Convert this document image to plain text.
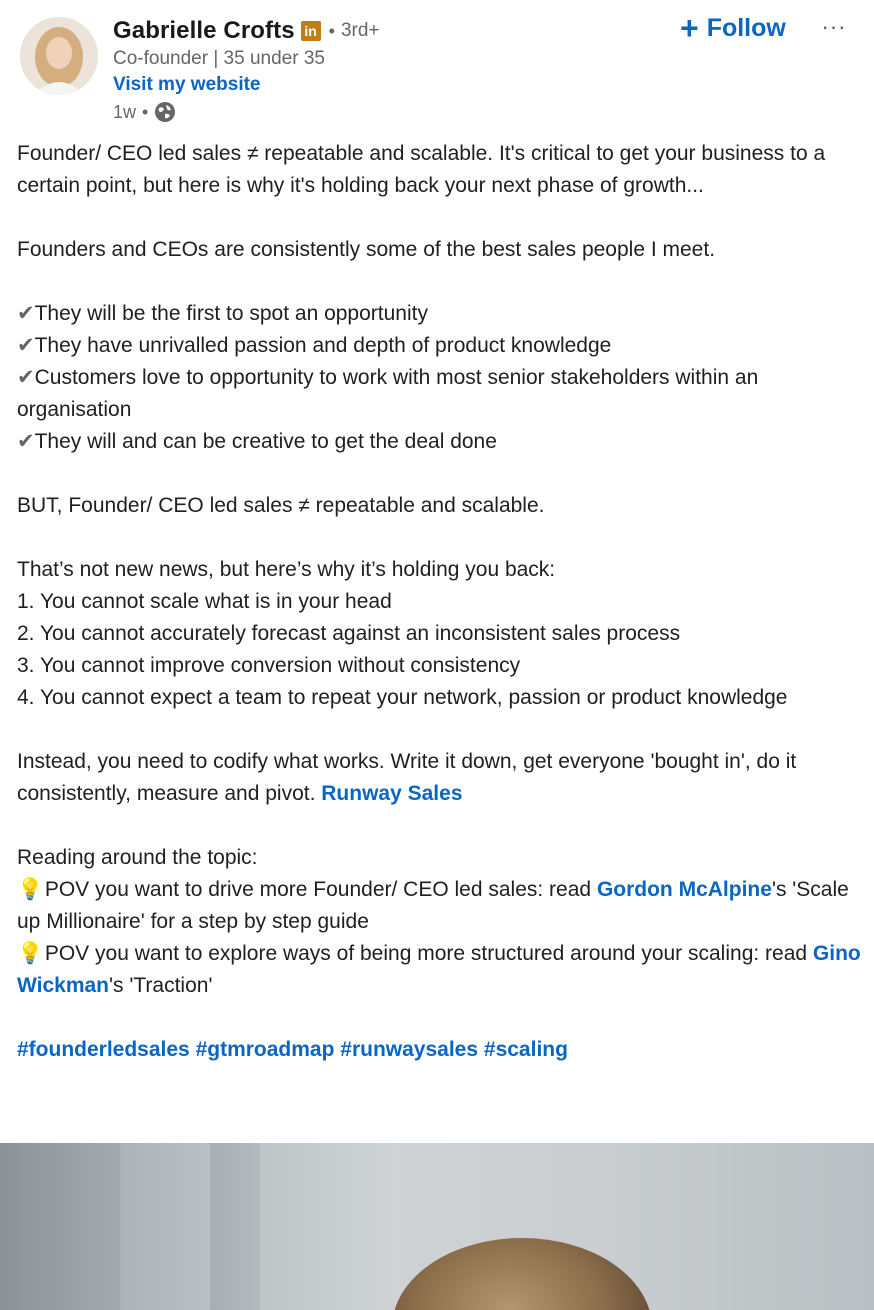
Gabrielle Crofts in • 3rd+
Co-founder | 35 under 35
Visit my website
1w •
+ Follow ···

Founder/ CEO led sales ≠ repeatable and scalable. It's critical to get your business to a certain point, but here is why it's holding back your next phase of growth...

Founders and CEOs are consistently some of the best sales people I meet.

✔They will be the first to spot an opportunity

✔They have unrivalled passion and depth of product knowledge

✔Customers love to opportunity to work with most senior stakeholders within an organisation

✔They will and can be creative to get the deal done

BUT, Founder/ CEO led sales ≠ repeatable and scalable.

That’s not new news, but here’s why it’s holding you back:

1. You cannot scale what is in your head

2. You cannot accurately forecast against an inconsistent sales process

3. You cannot improve conversion without consistency

4. You cannot expect a team to repeat your network, passion or product knowledge

Instead, you need to codify what works. Write it down, get everyone 'bought in', do it consistently, measure and pivot. Runway Sales

Reading around the topic:

💡 POV you want to drive more Founder/ CEO led sales: read Gordon McAlpine's 'Scale up Millionaire' for a step by step guide

💡 POV you want to explore ways of being more structured around your scaling: read Gino Wickman's 'Traction'

#founderledsales #gtmroadmap #runwaysales #scaling
